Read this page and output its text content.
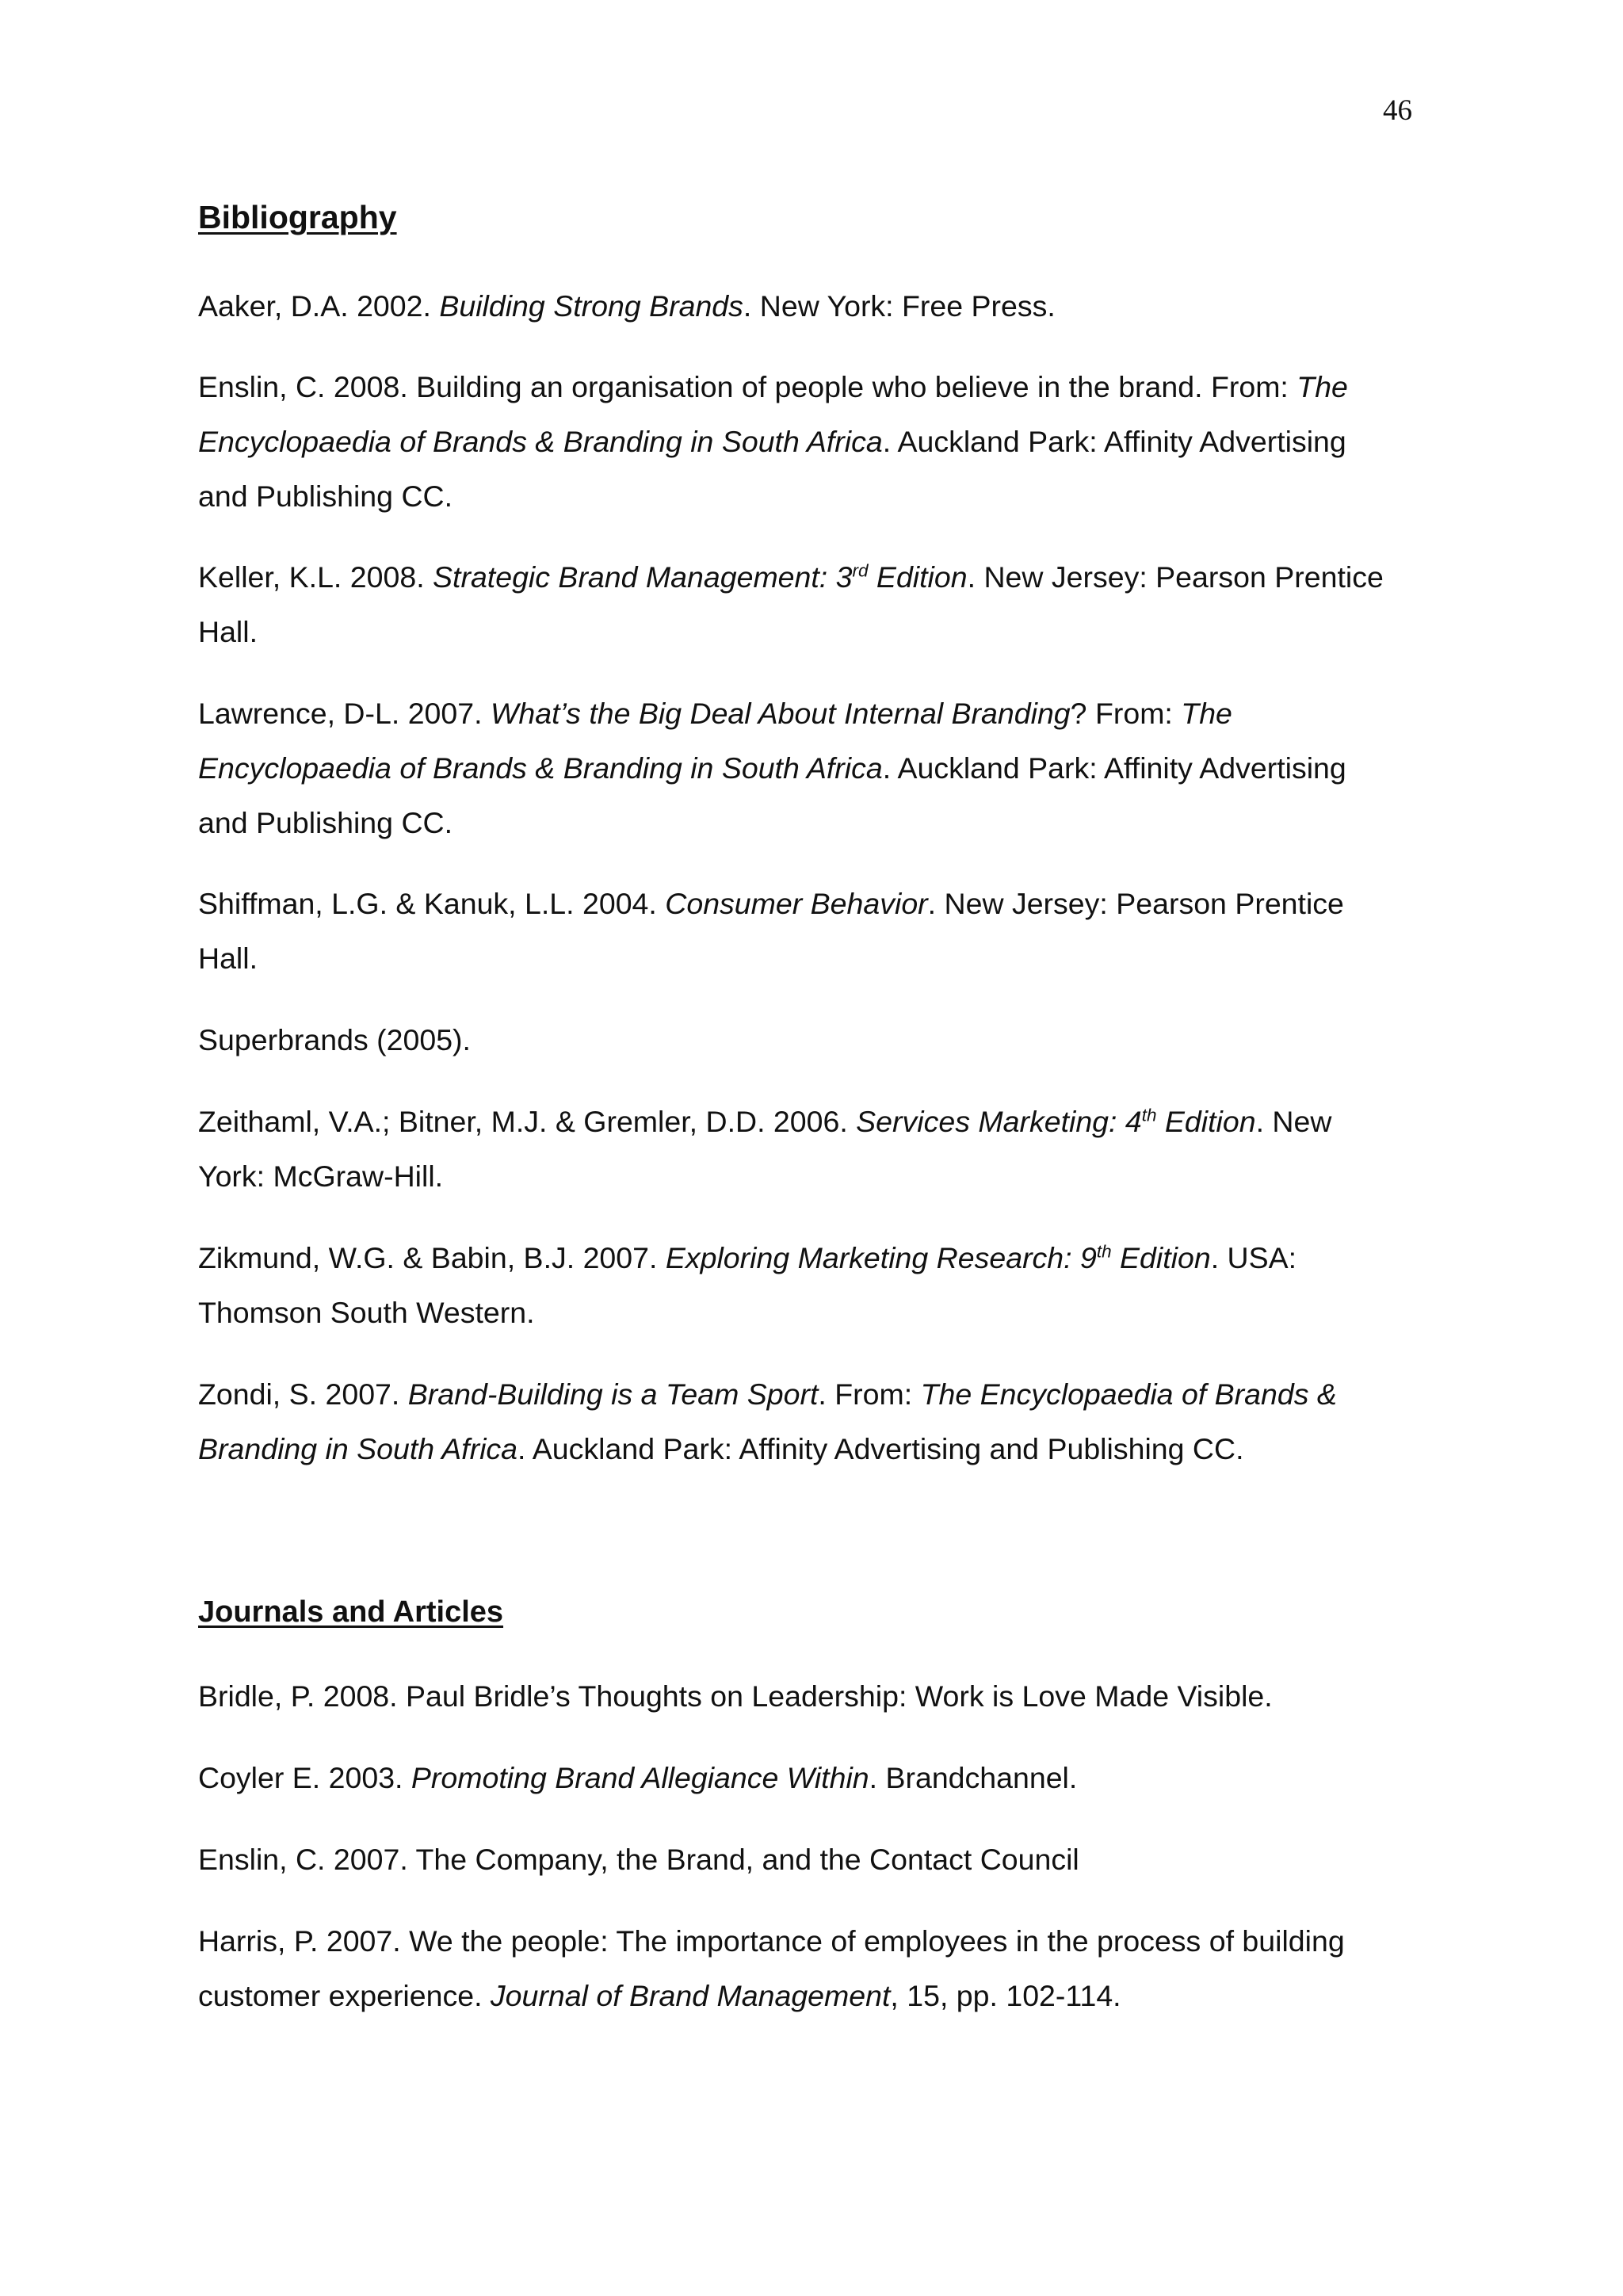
46
Bibliography

Aaker, D.A. 2002. Building Strong Brands. New York: Free Press.

Enslin, C. 2008. Building an organisation of people who believe in the brand. From: The
Encyclopaedia of Brands & Branding in South Africa. Auckland Park: Affinity Advertising
and Publishing CC.

Keller, K.L. 2008. Strategic Brand Management: 3rd Edition. New Jersey: Pearson Prentice
Hall.

Lawrence, D-L. 2007. What’s the Big Deal About Internal Branding? From: The
Encyclopaedia of Brands & Branding in South Africa. Auckland Park: Affinity Advertising
and Publishing CC.

Shiffman, L.G. & Kanuk, L.L. 2004. Consumer Behavior. New Jersey: Pearson Prentice
Hall.

Superbrands (2005).

Zeithaml, V.A.; Bitner, M.J. & Gremler, D.D. 2006. Services Marketing: 4th Edition. New
York: McGraw-Hill.

Zikmund, W.G. & Babin, B.J. 2007. Exploring Marketing Research: 9th Edition. USA:
Thomson South Western.

Zondi, S. 2007. Brand-Building is a Team Sport. From: The Encyclopaedia of Brands &
Branding in South Africa. Auckland Park: Affinity Advertising and Publishing CC.

Journals and Articles

Bridle, P. 2008. Paul Bridle’s Thoughts on Leadership: Work is Love Made Visible.

Coyler E. 2003. Promoting Brand Allegiance Within. Brandchannel.

Enslin, C. 2007. The Company, the Brand, and the Contact Council

Harris, P. 2007. We the people: The importance of employees in the process of building
customer experience. Journal of Brand Management, 15, pp. 102-114.
